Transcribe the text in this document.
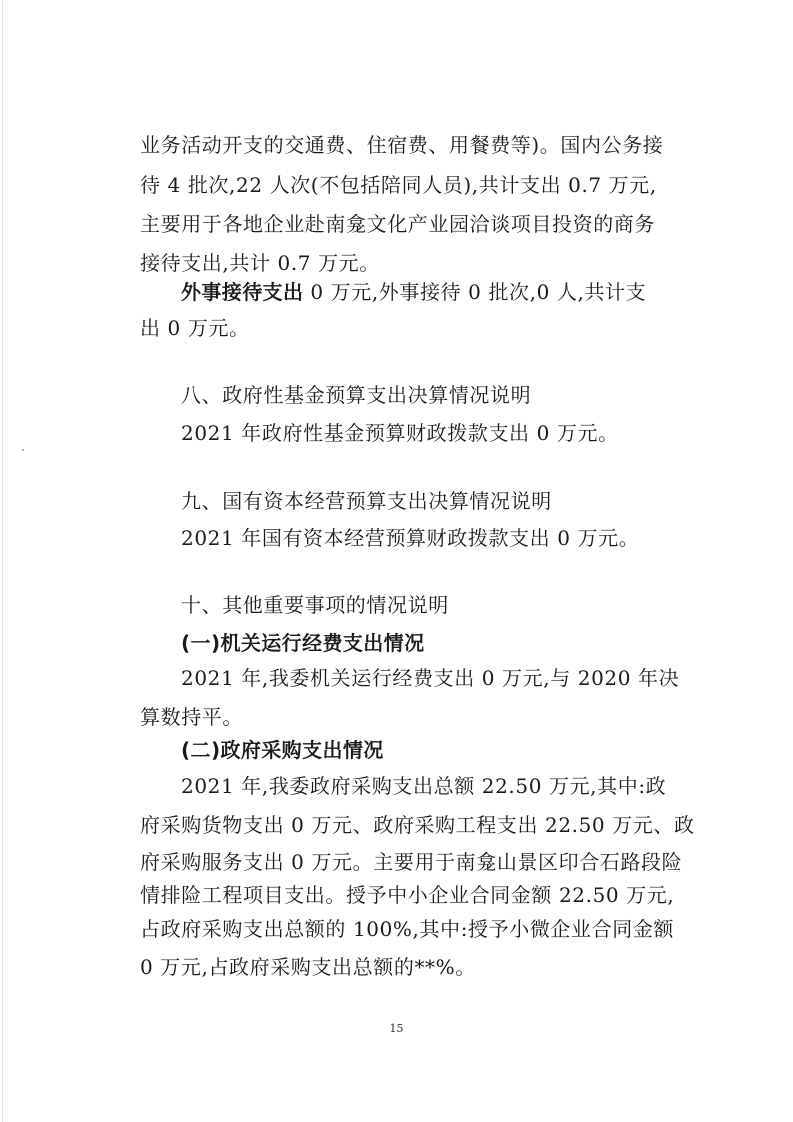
业务活动开支的交通费、住宿费、用餐费等)。国内公务接
待 4 批次,22 人次(不包括陪同人员),共计支出 0.7 万元,
主要用于各地企业赴南龛文化产业园洽谈项目投资的商务
接待支出,共计 0.7 万元。
外事接待支出 0 万元,外事接待 0 批次,0 人,共计支
出 0 万元。
八、政府性基金预算支出决算情况说明
2021 年政府性基金预算财政拨款支出 0 万元。
九、国有资本经营预算支出决算情况说明
2021 年国有资本经营预算财政拨款支出 0 万元。
十、其他重要事项的情况说明
(一)机关运行经费支出情况
2021 年,我委机关运行经费支出 0 万元,与 2020 年决
算数持平。
(二)政府采购支出情况
2021 年,我委政府采购支出总额 22.50 万元,其中:政
府采购货物支出 0 万元、政府采购工程支出 22.50 万元、政
府采购服务支出 0 万元。主要用于南龛山景区印合石路段险
情排险工程项目支出。授予中小企业合同金额 22.50 万元,
占政府采购支出总额的 100%,其中:授予小微企业合同金额
0 万元,占政府采购支出总额的**%。
15
